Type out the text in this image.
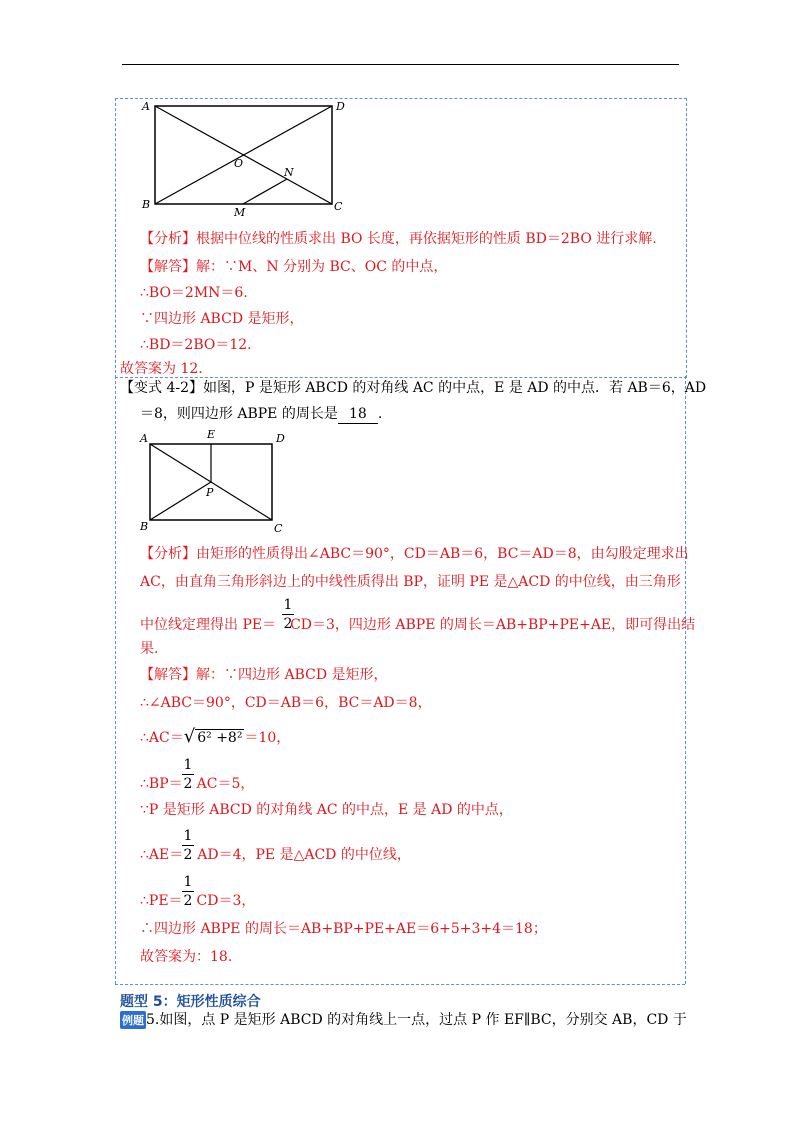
A	D
B	C
O
N
M
【分析】根据中位线的性质求出 BO 长度，再依据矩形的性质 BD＝2BO 进行求解.
【解答】解：∵M、N 分别为 BC、OC 的中点，
∴BO＝2MN＝6.
∵四边形 ABCD 是矩形，
∴BD＝2BO＝12.
故答案为 12.
【变式 4-2】如图，P 是矩形 ABCD 的对角线 AC 的中点，E 是 AD 的中点．若 AB＝6，AD
＝8，则四边形 ABPE 的周长是 18 .
A	E	D
B	C
P
【分析】由矩形的性质得出∠ABC＝90°，CD＝AB＝6，BC＝AD＝8，由勾股定理求出
AC，由直角三角形斜边上的中线性质得出 BP，证明 PE 是△ACD 的中位线，由三角形
中位线定理得出 PE＝ CD＝3，四边形 ABPE 的周长＝AB+BP+PE+AE，即可得出结
1
2
果.
【解答】解：∵四边形 ABCD 是矩形，
∴∠ABC＝90°，CD＝AB＝6，BC＝AD＝8，
∴AC＝√ 6² +8² ＝10，
1
2
∴BP＝ AC＝5，
∵P 是矩形 ABCD 的对角线 AC 的中点，E 是 AD 的中点，
1
2
∴AE＝ AD＝4，PE 是△ACD 的中位线，
1
2
∴PE＝ CD＝3，
∴四边形 ABPE 的周长＝AB+BP+PE+AE＝6+5+3+4＝18；
故答案为：18.
题型 5：矩形性质综合
例题 5.如图，点 P 是矩形 ABCD 的对角线上一点，过点 P 作 EF∥BC，分别交 AB，CD 于
